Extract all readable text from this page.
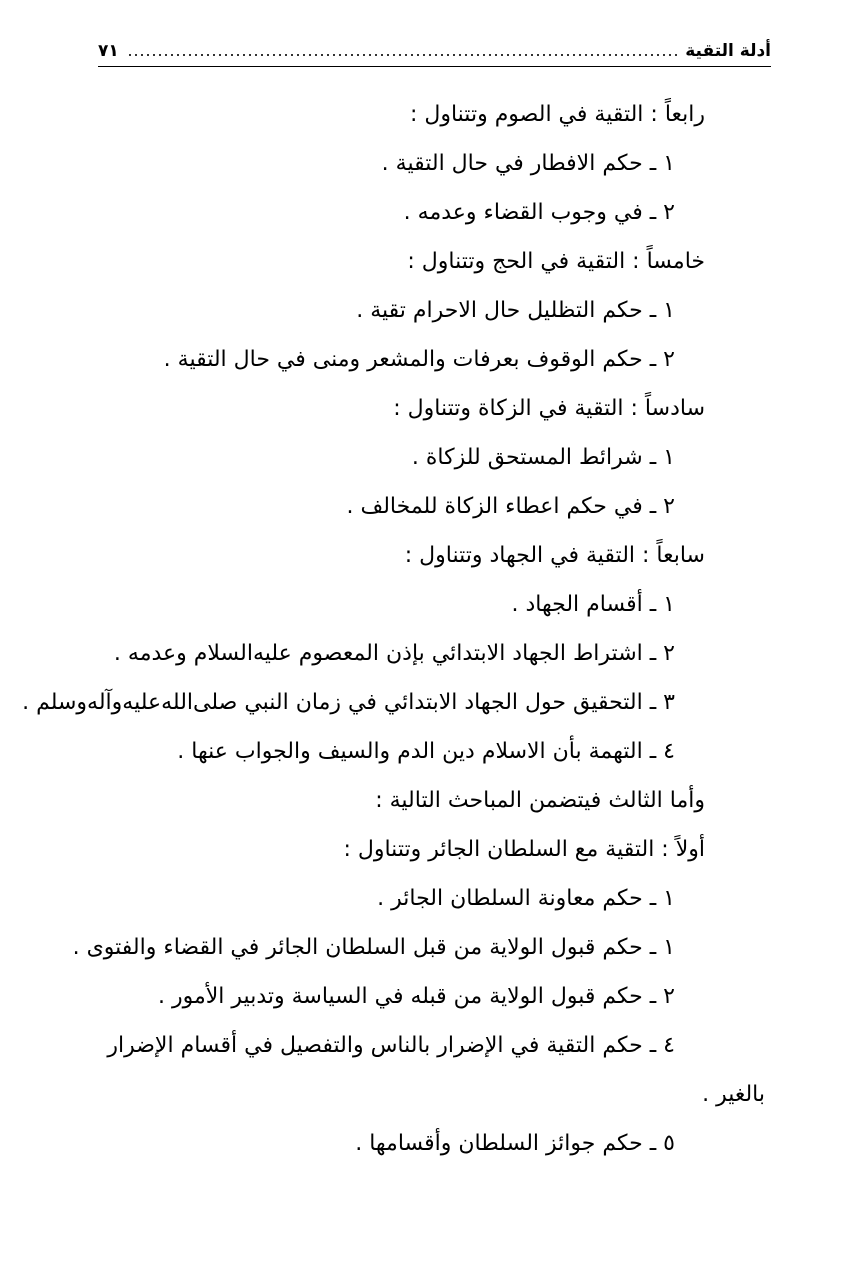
أدلة التقية
٧١
رابعاً : التقية في الصوم وتتناول :
١ ـ حكم الافطار في حال التقية .
٢ ـ في وجوب القضاء وعدمه .
خامساً : التقية في الحج وتتناول :
١ ـ حكم التظليل حال الاحرام تقية .
٢ ـ حكم الوقوف بعرفات والمشعر ومنى في حال التقية .
سادساً : التقية في الزكاة وتتناول :
١ ـ شرائط المستحق للزكاة .
٢ ـ في حكم اعطاء الزكاة للمخالف .
سابعاً : التقية في الجهاد وتتناول :
١ ـ أقسام الجهاد .
٢ ـ اشتراط الجهاد الابتدائي بإذن المعصوم عليه‌السلام وعدمه .
٣ ـ التحقيق حول الجهاد الابتدائي في زمان النبي صلى‌الله‌عليه‌وآله‌وسلم .
٤ ـ التهمة بأن الاسلام دين الدم والسيف والجواب عنها .
وأما الثالث فيتضمن المباحث التالية :
أولاً : التقية مع السلطان الجائر وتتناول :
١ ـ حكم معاونة السلطان الجائر .
١ ـ حكم قبول الولاية من قبل السلطان الجائر في القضاء والفتوى .
٢ ـ حكم قبول الولاية من قبله في السياسة وتدبير الأمور .
٤ ـ حكم التقية في الإضرار بالناس والتفصيل في أقسام الإضرار
بالغير .
٥ ـ حكم جوائز السلطان وأقسامها .
